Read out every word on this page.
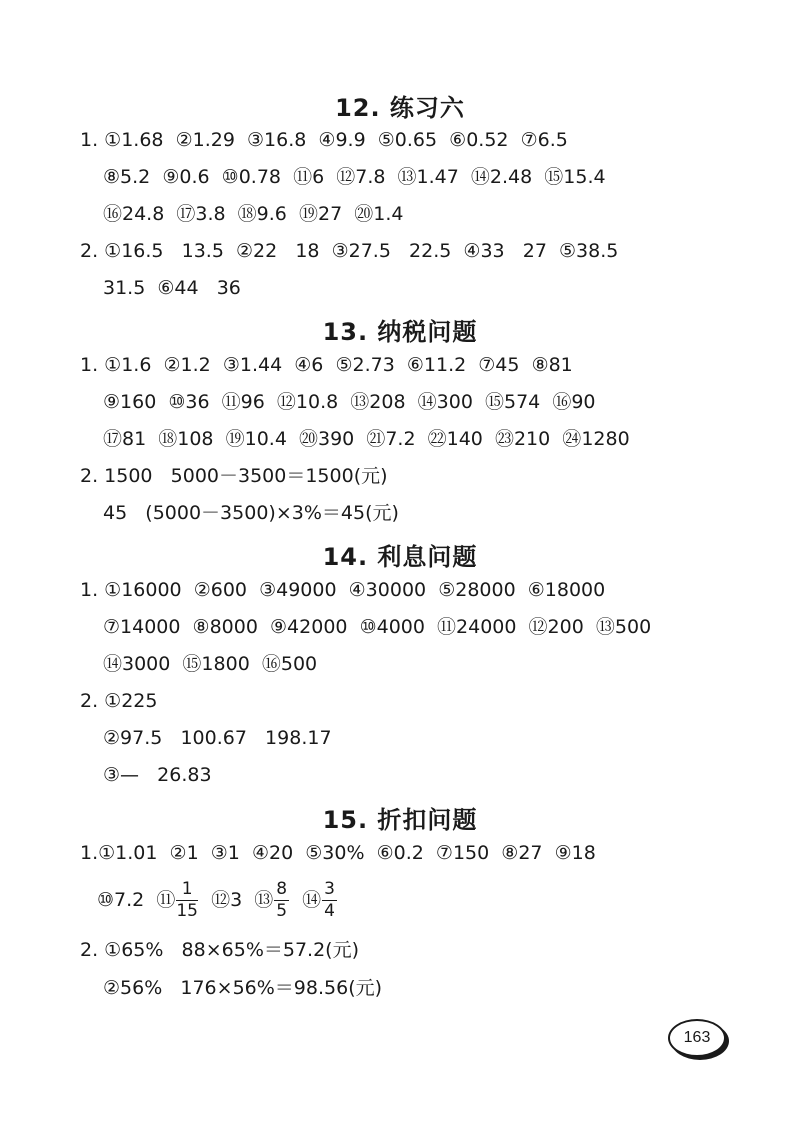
12. 练习六
1. ①1.68  ②1.29  ③16.8  ④9.9  ⑤0.65  ⑥0.52  ⑦6.5
⑧5.2  ⑨0.6  ⑩0.78  ⑪6  ⑫7.8  ⑬1.47  ⑭2.48  ⑮15.4
⑯24.8  ⑰3.8  ⑱9.6  ⑲27  ⑳1.4
2. ①16.5   13.5  ②22   18  ③27.5   22.5  ④33   27  ⑤38.5
31.5  ⑥44   36
13. 纳税问题
1. ①1.6  ②1.2  ③1.44  ④6  ⑤2.73  ⑥11.2  ⑦45  ⑧81
⑨160  ⑩36  ⑪96  ⑫10.8  ⑬208  ⑭300  ⑮574  ⑯90
⑰81  ⑱108  ⑲10.4  ⑳390  ㉑7.2  ㉒140  ㉓210  ㉔1280
2. 1500   5000－3500＝1500(元)
45   (5000－3500)×3%＝45(元)
14. 利息问题
1. ①16000  ②600  ③49000  ④30000  ⑤28000  ⑥18000
⑦14000  ⑧8000  ⑨42000  ⑩4000  ⑪24000  ⑫200  ⑬500
⑭3000  ⑮1800  ⑯500
2. ①225
②97.5   100.67   198.17
③—   26.83
15. 折扣问题
1.①1.01  ②1  ③1  ④20  ⑤30%  ⑥0.2  ⑦150  ⑧27  ⑨18
⑩7.2  ⑪ $\frac{1}{15}$ ⑫3  ⑬ $\frac{8}{5}$ ⑭ $\frac{3}{4}$
2. ①65%   88×65%＝57.2(元)
②56%   176×56%＝98.56(元)
163
